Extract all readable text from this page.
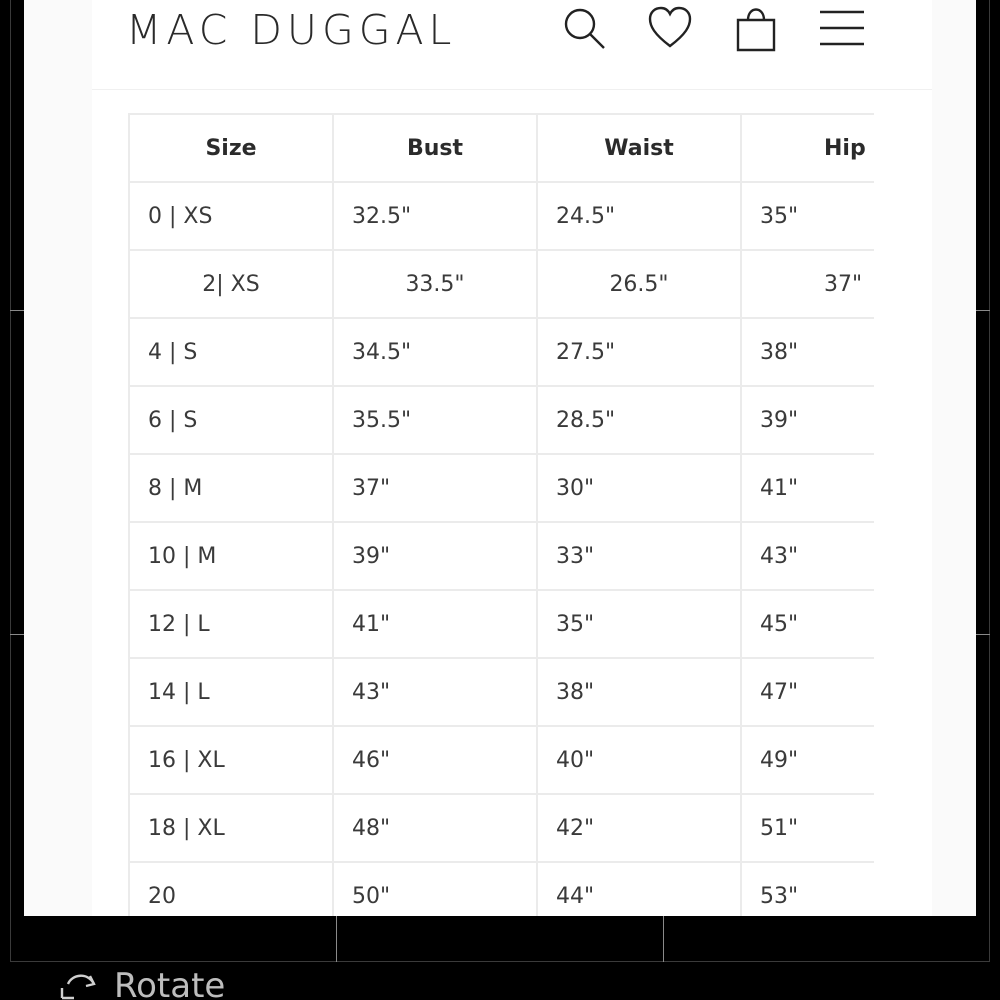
MAC DUGGAL
Size	Bust	Waist	Hip
0 | XS	32.5"	24.5"	35"
2| XS	33.5"	26.5"	37"
4 | S	34.5"	27.5"	38"
6 | S	35.5"	28.5"	39"
8 | M	37"	30"	41"
10 | M	39"	33"	43"
12 | L	41"	35"	45"
14 | L	43"	38"	47"
16 | XL	46"	40"	49"
18 | XL	48"	42"	51"
20	50"	44"	53"
Rotate
